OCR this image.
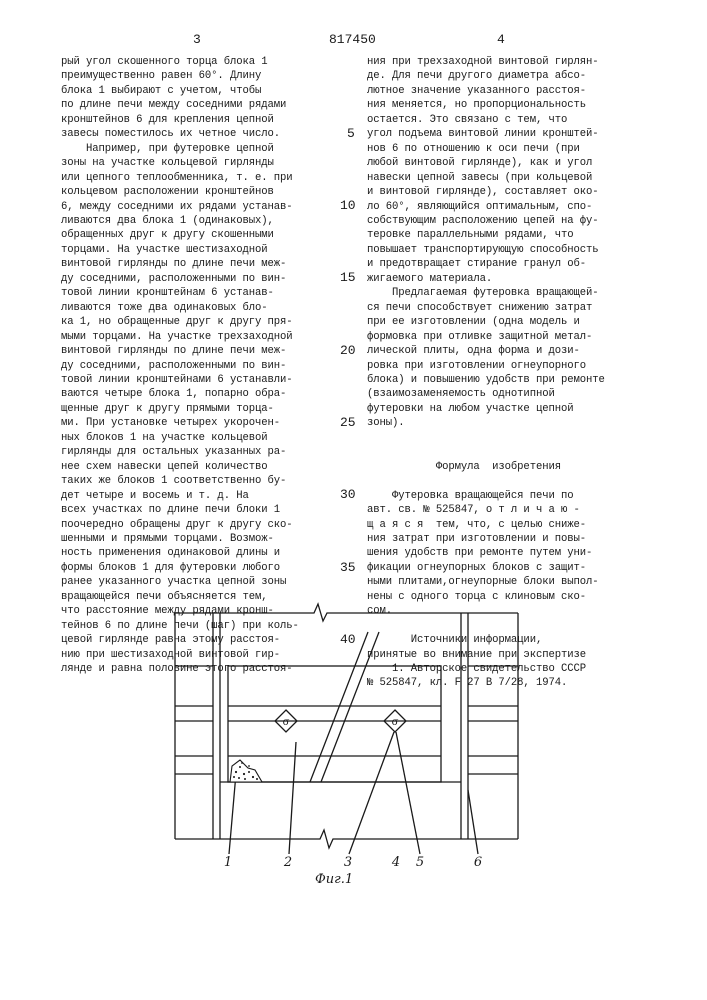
3	817450	4

рый угол скошенного торца блока 1

преимущественно равен 60°. Длину

блока 1 выбирают с учетом, чтобы

по длине печи между соседними рядами

кронштейнов 6 для крепления цепной

завесы поместилось их четное число.

Например, при футеровке цепной

зоны на участке кольцевой гирлянды

или цепного теплообменника, т. е. при

кольцевом расположении кронштейнов

6, между соседними их рядами устанав-

ливаются два блока 1 (одинаковых),

обращенных друг к другу скошенными

торцами. На участке шестизаходной

винтовой гирлянды по длине печи меж-

ду соседними, расположенными по вин-

товой линии кронштейнам 6 устанав-

ливаются тоже два одинаковых бло-

ка 1, но обращенные друг к другу пря-

мыми торцами. На участке трехзаходной

винтовой гирлянды по длине печи меж-

ду соседними, расположенными по вин-

товой линии кронштейнами 6 устанавли-

ваются четыре блока 1, попарно обра-

щенные друг к другу прямыми торца-

ми. При установке четырех укорочен-

ных блоков 1 на участке кольцевой

гирлянды для остальных указанных ра-

нее схем навески цепей количество

таких же блоков 1 соответственно бу-

дет четыре и восемь и т. д. На

всех участках по длине печи блоки 1

поочередно обращены друг к другу ско-

шенными и прямыми торцами. Возмож-

ность применения одинаковой длины и

формы блоков 1 для футеровки любого

ранее указанного участка цепной зоны

вращающейся печи объясняется тем,

что расстояние между рядами кронш-

тейнов 6 по длине печи (шаг) при коль-

цевой гирлянде равна этому расстоя-

нию при шестизаходной винтовой гир-

лянде и равна половине этого расстоя-

ния при трехзаходной винтовой гирлян-

де. Для печи другого диаметра абсо-

лютное значение указанного расстоя-

ния меняется, но пропорциональность

остается. Это связано с тем, что

угол подъема винтовой линии кронштей-

нов 6 по отношению к оси печи (при

любой винтовой гирлянде), как и угол

навески цепной завесы (при кольцевой

и винтовой гирлянде), составляет око-

ло 60°, являющийся оптимальным, спо-

собствующим расположению цепей на фу-

теровке параллельными рядами, что

повышает транспортирующую способность

и предотвращает стирание гранул об-

жигаемого материала.

Предлагаемая футеровка вращающей-

ся печи способствует снижению затрат

при ее изготовлении (одна модель и

формовка при отливке защитной метал-

лической плиты, одна форма и дози-

ровка при изготовлении огнеупорного

блока) и повышению удобств при ремонте

(взаимозаменяемость однотипной

футеровки на любом участке цепной

зоны).

Формула  изобретения

Футеровка вращающейся печи по

авт. св. № 525847, о т л и ч а ю -

щ а я с я  тем, что, с целью сниже-

ния затрат при изготовлении и повы-

шения удобств при ремонте путем уни-

фикации огнеупорных блоков с защит-

ными плитами,огнеупорные блоки выпол-

нены с одного торца с клиновым ско-

сом.

Источники информации,

принятые во внимание при экспертизе

1. Авторское свидетельство СССР

№ 525847, кл. F 27 B 7/28, 1974.

5
10
15
20
25
30
35
40
σ	σ
1	2	3	4 5	6
Фиг.1
